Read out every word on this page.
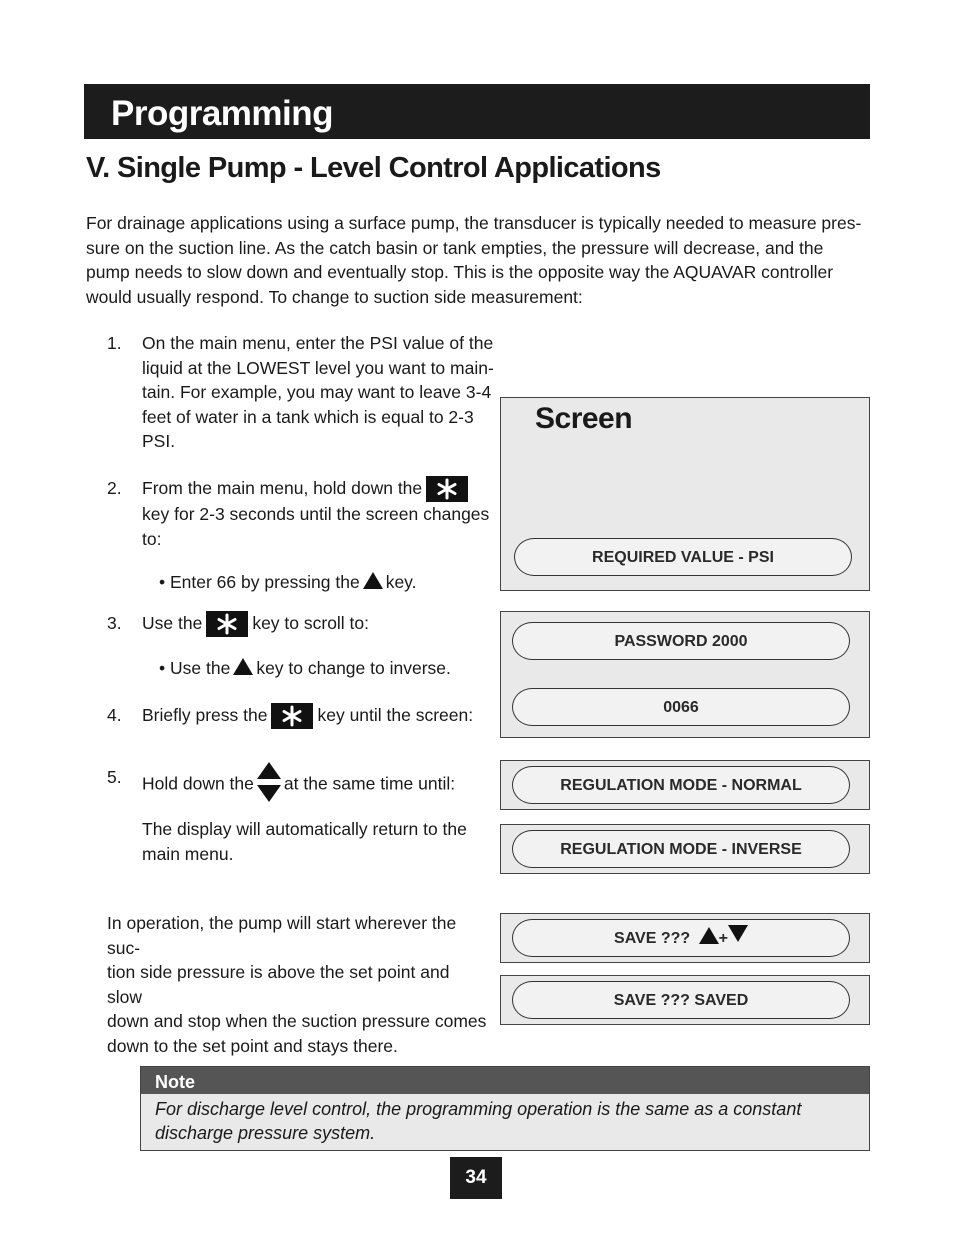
Programming
V. Single Pump - Level Control Applications
For drainage applications using a surface pump, the transducer is typically needed to measure pres-
sure on the suction line. As the catch basin or tank empties, the pressure will decrease, and the
pump needs to slow down and eventually stop. This is the opposite way the AQUAVAR controller
would usually respond. To change to suction side measurement:
1. On the main menu, enter the PSI value of the
liquid at the LOWEST level you want to main-
tain. For example, you may want to leave 3-4
feet of water in a tank which is equal to 2-3
PSI.
2. From the main menu, hold down the
key for 2-3 seconds until the screen changes
to:
• Enter 66 by pressing the key.
3. Use the	key to scroll to:
• Use the key to change to inverse.
4. Briefly press the	key until the screen:
5. Hold down the at the same time until:
The display will automatically return to the
main menu.
In operation, the pump will start wherever the suc-
tion side pressure is above the set point and slow
down and stop when the suction pressure comes
down to the set point and stays there.
Screen
REQUIRED VALUE - PSI
PASSWORD 2000
0066
REGULATION MODE - NORMAL
REGULATION MODE - INVERSE
SAVE ??? +
SAVE ??? SAVED
Note
For discharge level control, the programming operation is the same as a constant
discharge pressure system.
34
